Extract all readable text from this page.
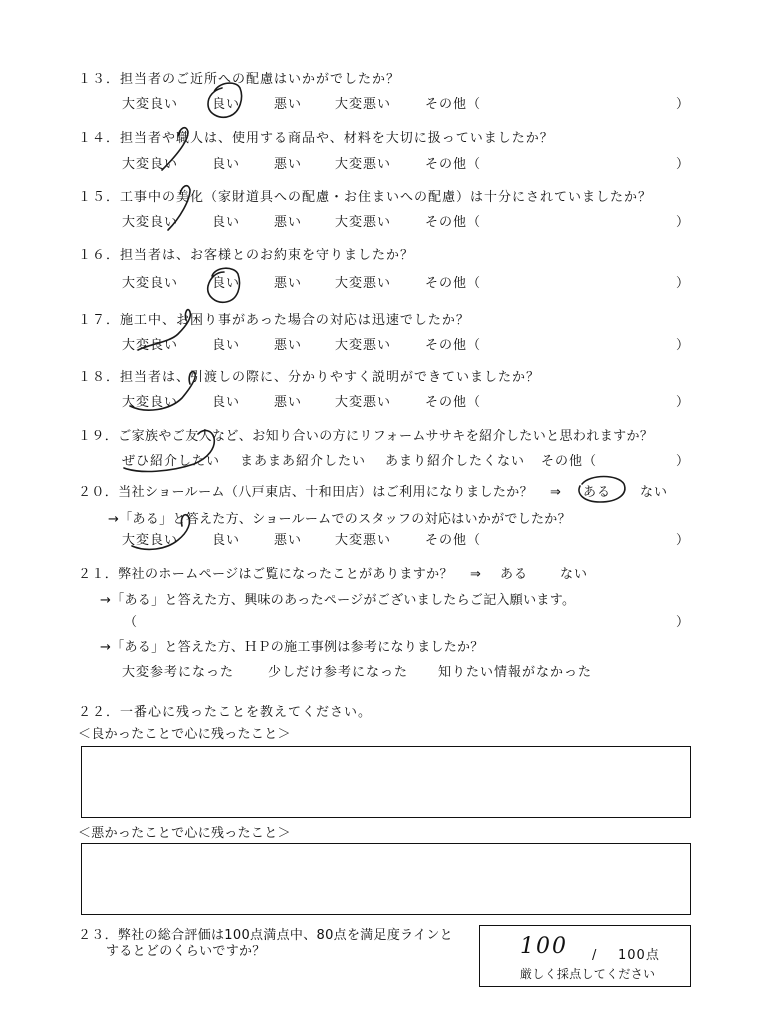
１３．担当者のご近所への配慮はいかがでしたか？
大変良い	良い	悪い	大変悪い	その他（	）
１４．担当者や職人は、使用する商品や、材料を大切に扱っていましたか？
大変良い	良い	悪い	大変悪い	その他（	）
１５．工事中の美化（家財道具への配慮・お住まいへの配慮）は十分にされていましたか？
大変良い	良い	悪い	大変悪い	その他（	）
１６．担当者は、お客様とのお約束を守りましたか？
大変良い	良い	悪い	大変悪い	その他（	）
１７．施工中、お困り事があった場合の対応は迅速でしたか？
大変良い	良い	悪い	大変悪い	その他（	）
１８．担当者は、引渡しの際に、分かりやすく説明ができていましたか？
大変良い	良い	悪い	大変悪い	その他（	）
１９．ご家族やご友人など、お知り合いの方にリフォームササキを紹介したいと思われますか？
ぜひ紹介したい まあまあ紹介したい あまり紹介したくない その他（	）
２０．当社ショールーム（八戸東店、十和田店）はご利用になりましたか？ ⇒ ある ない
→「ある」と答えた方、ショールームでのスタッフの対応はいかがでしたか？
大変良い	良い	悪い	大変悪い	その他（	）
２１．弊社のホームページはご覧になったことがありますか？ ⇒ ある ない
→「ある」と答えた方、興味のあったページがございましたらご記入願います。
（	）
→「ある」と答えた方、ＨＰの施工事例は参考になりましたか？
大変参考になった	少しだけ参考になった 知りたい情報がなかった
２２．一番心に残ったことを教えてください。
＜良かったことで心に残ったこと＞
＜悪かったことで心に残ったこと＞
２３．弊社の総合評価は100点満点中、80点を満足度ラインと
するとどのくらいですか？	100 / 100点
厳しく採点してください
